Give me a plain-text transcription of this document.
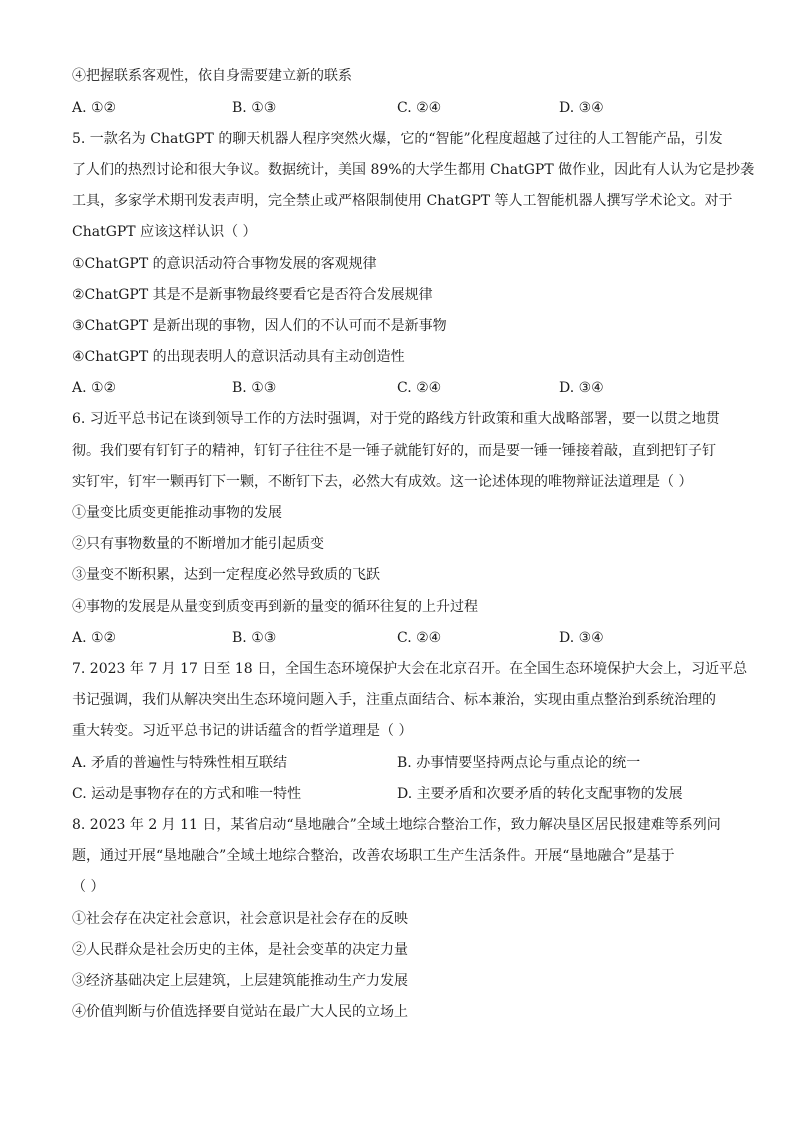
④把握联系客观性，依自身需要建立新的联系
A. ①②	B. ①③	C. ②④	D. ③④
5. 一款名为 ChatGPT 的聊天机器人程序突然火爆，它的“智能”化程度超越了过往的人工智能产品，引发
了人们的热烈讨论和很大争议。数据统计，美国 89%的大学生都用 ChatGPT 做作业，因此有人认为它是抄袭
工具，多家学术期刊发表声明，完全禁止或严格限制使用 ChatGPT 等人工智能机器人撰写学术论文。对于
ChatGPT 应该这样认识（ ）
①ChatGPT 的意识活动符合事物发展的客观规律
②ChatGPT 其是不是新事物最终要看它是否符合发展规律
③ChatGPT 是新出现的事物，因人们的不认可而不是新事物
④ChatGPT 的出现表明人的意识活动具有主动创造性
A. ①②	B. ①③	C. ②④	D. ③④
6. 习近平总书记在谈到领导工作的方法时强调，对于党的路线方针政策和重大战略部署，要一以贯之地贯
彻。我们要有钉钉子的精神，钉钉子往往不是一锤子就能钉好的，而是要一锤一锤接着敲，直到把钉子钉
实钉牢，钉牢一颗再钉下一颗，不断钉下去，必然大有成效。这一论述体现的唯物辩证法道理是（ ）
①量变比质变更能推动事物的发展
②只有事物数量的不断增加才能引起质变
③量变不断积累，达到一定程度必然导致质的飞跃
④事物的发展是从量变到质变再到新的量变的循环往复的上升过程
A. ①②	B. ①③	C. ②④	D. ③④
7. 2023 年 7 月 17 日至 18 日，全国生态环境保护大会在北京召开。在全国生态环境保护大会上，习近平总
书记强调，我们从解决突出生态环境问题入手，注重点面结合、标本兼治，实现由重点整治到系统治理的
重大转变。习近平总书记的讲话蕴含的哲学道理是（ ）
A. 矛盾的普遍性与特殊性相互联结	B. 办事情要坚持两点论与重点论的统一
C. 运动是事物存在的方式和唯一特性	D. 主要矛盾和次要矛盾的转化支配事物的发展
8. 2023 年 2 月 11 日，某省启动“垦地融合”全域土地综合整治工作，致力解决垦区居民报建难等系列问
题，通过开展“垦地融合”全域土地综合整治，改善农场职工生产生活条件。开展“垦地融合”是基于
（ ）
①社会存在决定社会意识，社会意识是社会存在的反映
②人民群众是社会历史的主体，是社会变革的决定力量
③经济基础决定上层建筑，上层建筑能推动生产力发展
④价值判断与价值选择要自觉站在最广大人民的立场上
